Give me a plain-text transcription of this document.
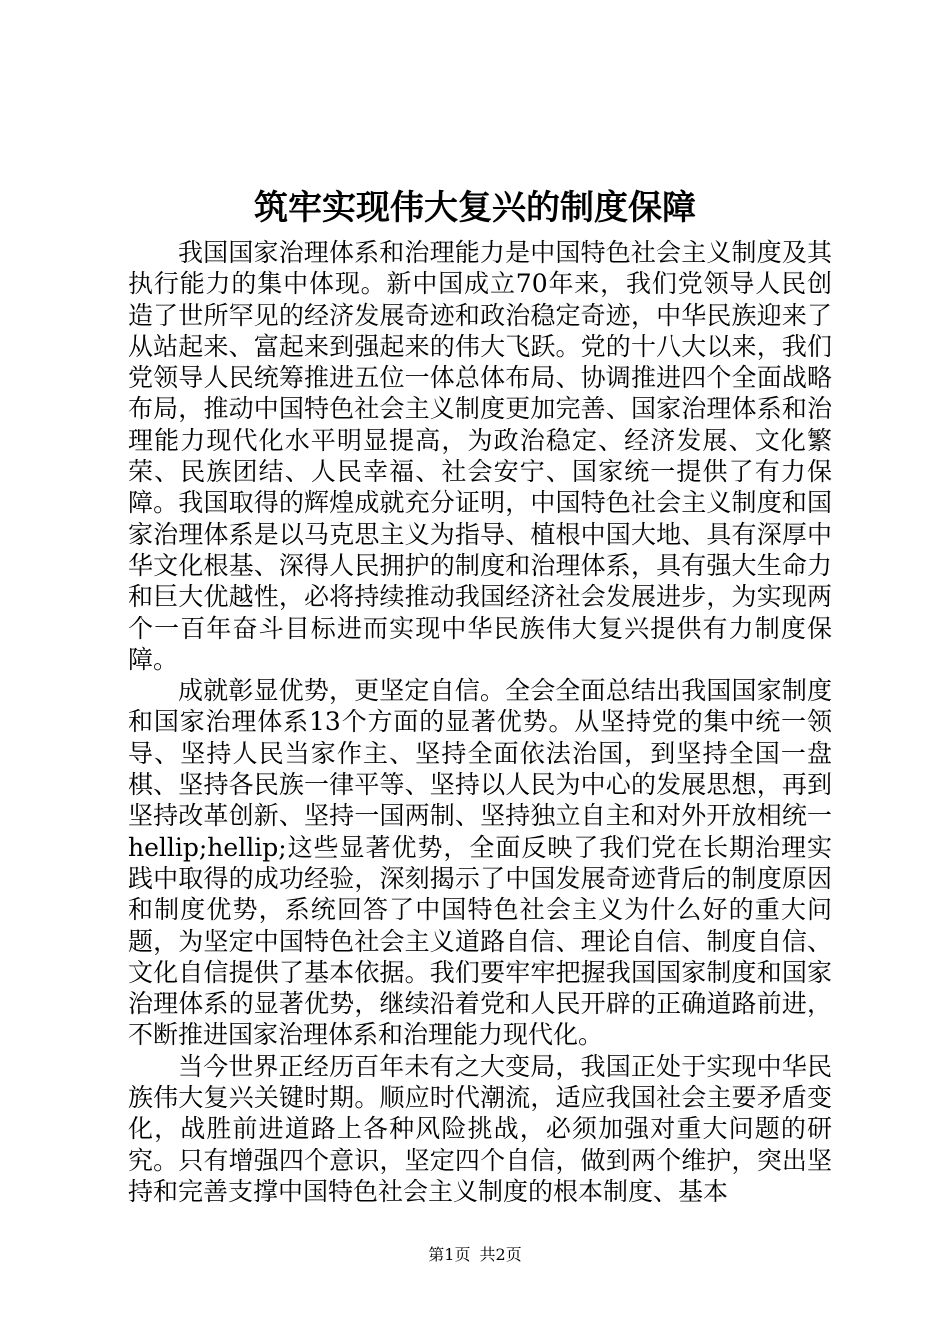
筑牢实现伟大复兴的制度保障

我国国家治理体系和治理能力是中国特色社会主义制度及其执行能力的集中体现。新中国成立70年来，我们党领导人民创造了世所罕见的经济发展奇迹和政治稳定奇迹，中华民族迎来了从站起来、富起来到强起来的伟大飞跃。党的十八大以来，我们党领导人民统筹推进五位一体总体布局、协调推进四个全面战略布局，推动中国特色社会主义制度更加完善、国家治理体系和治理能力现代化水平明显提高，为政治稳定、经济发展、文化繁荣、民族团结、人民幸福、社会安宁、国家统一提供了有力保障。我国取得的辉煌成就充分证明，中国特色社会主义制度和国家治理体系是以马克思主义为指导、植根中国大地、具有深厚中华文化根基、深得人民拥护的制度和治理体系，具有强大生命力和巨大优越性，必将持续推动我国经济社会发展进步，为实现两个一百年奋斗目标进而实现中华民族伟大复兴提供有力制度保障。

成就彰显优势，更坚定自信。全会全面总结出我国国家制度和国家治理体系13个方面的显著优势。从坚持党的集中统一领导、坚持人民当家作主、坚持全面依法治国，到坚持全国一盘棋、坚持各民族一律平等、坚持以人民为中心的发展思想，再到坚持改革创新、坚持一国两制、坚持独立自主和对外开放相统一hellip;hellip;这些显著优势，全面反映了我们党在长期治理实践中取得的成功经验，深刻揭示了中国发展奇迹背后的制度原因和制度优势，系统回答了中国特色社会主义为什么好的重大问题，为坚定中国特色社会主义道路自信、理论自信、制度自信、文化自信提供了基本依据。我们要牢牢把握我国国家制度和国家治理体系的显著优势，继续沿着党和人民开辟的正确道路前进，不断推进国家治理体系和治理能力现代化。

当今世界正经历百年未有之大变局，我国正处于实现中华民族伟大复兴关键时期。顺应时代潮流，适应我国社会主要矛盾变化，战胜前进道路上各种风险挑战，必须加强对重大问题的研究。只有增强四个意识，坚定四个自信，做到两个维护，突出坚持和完善支撑中国特色社会主义制度的根本制度、基本

第1页 共2页
